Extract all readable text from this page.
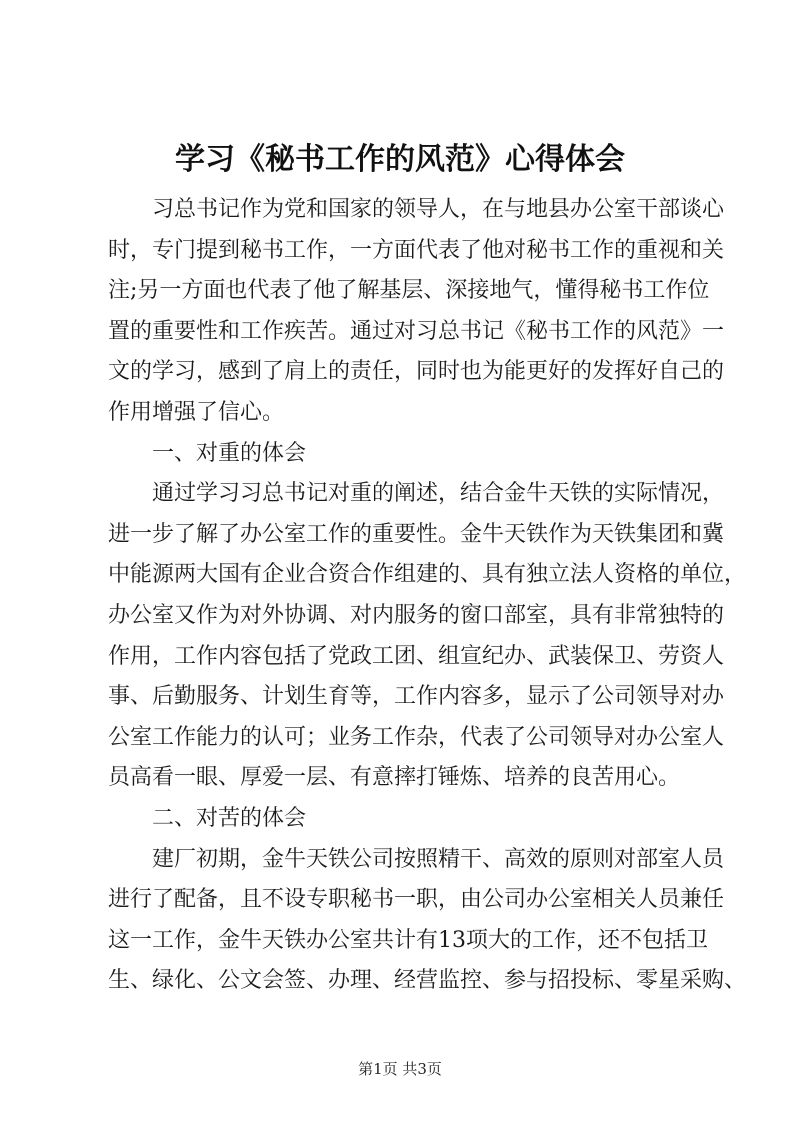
学习《秘书工作的风范》心得体会

习总书记作为党和国家的领导人，在与地县办公室干部谈心
时，专门提到秘书工作，一方面代表了他对秘书工作的重视和关
注;另一方面也代表了他了解基层、深接地气，懂得秘书工作位
置的重要性和工作疾苦。通过对习总书记《秘书工作的风范》一
文的学习，感到了肩上的责任，同时也为能更好的发挥好自己的
作用增强了信心。

一、对重的体会

通过学习习总书记对重的阐述，结合金牛天铁的实际情况，
进一步了解了办公室工作的重要性。金牛天铁作为天铁集团和冀
中能源两大国有企业合资合作组建的、具有独立法人资格的单位，
办公室又作为对外协调、对内服务的窗口部室，具有非常独特的
作用，工作内容包括了党政工团、组宣纪办、武装保卫、劳资人
事、后勤服务、计划生育等，工作内容多，显示了公司领导对办
公室工作能力的认可；业务工作杂，代表了公司领导对办公室人
员高看一眼、厚爱一层、有意摔打锤炼、培养的良苦用心。

二、对苦的体会

建厂初期，金牛天铁公司按照精干、高效的原则对部室人员
进行了配备，且不设专职秘书一职，由公司办公室相关人员兼任
这一工作，金牛天铁办公室共计有13项大的工作，还不包括卫
生、绿化、公文会签、办理、经营监控、参与招投标、零星采购、

第1页 共3页
